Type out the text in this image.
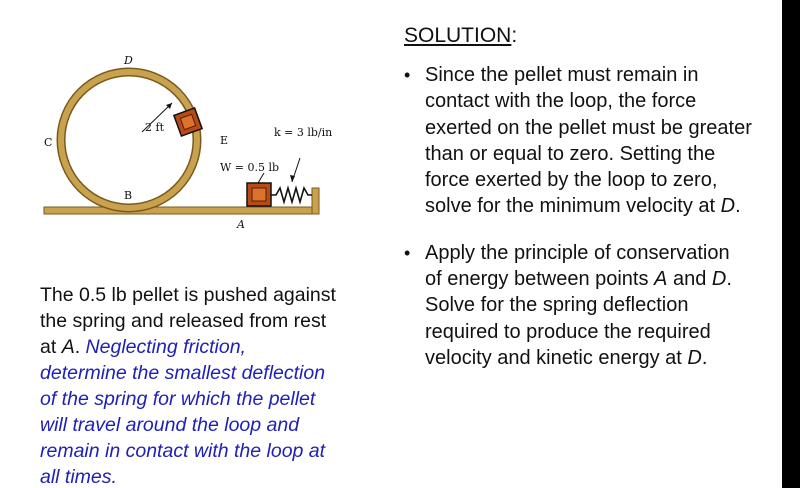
D
C
B
E
A
2 ft	k = 3 lb/in
W = 0.5 lb
The 0.5 lb pellet is pushed against
the spring and released from rest
at A. Neglecting friction,
determine the smallest deflection
of the spring for which the pellet
will travel around the loop and
remain in contact with the loop at
all times.
SOLUTION:
• Since the pellet must remain in
contact with the loop, the force
exerted on the pellet must be greater
than or equal to zero. Setting the
force exerted by the loop to zero,
solve for the minimum velocity at D.
• Apply the principle of conservation
of energy between points A and D.
Solve for the spring deflection
required to produce the required
velocity and kinetic energy at D.
